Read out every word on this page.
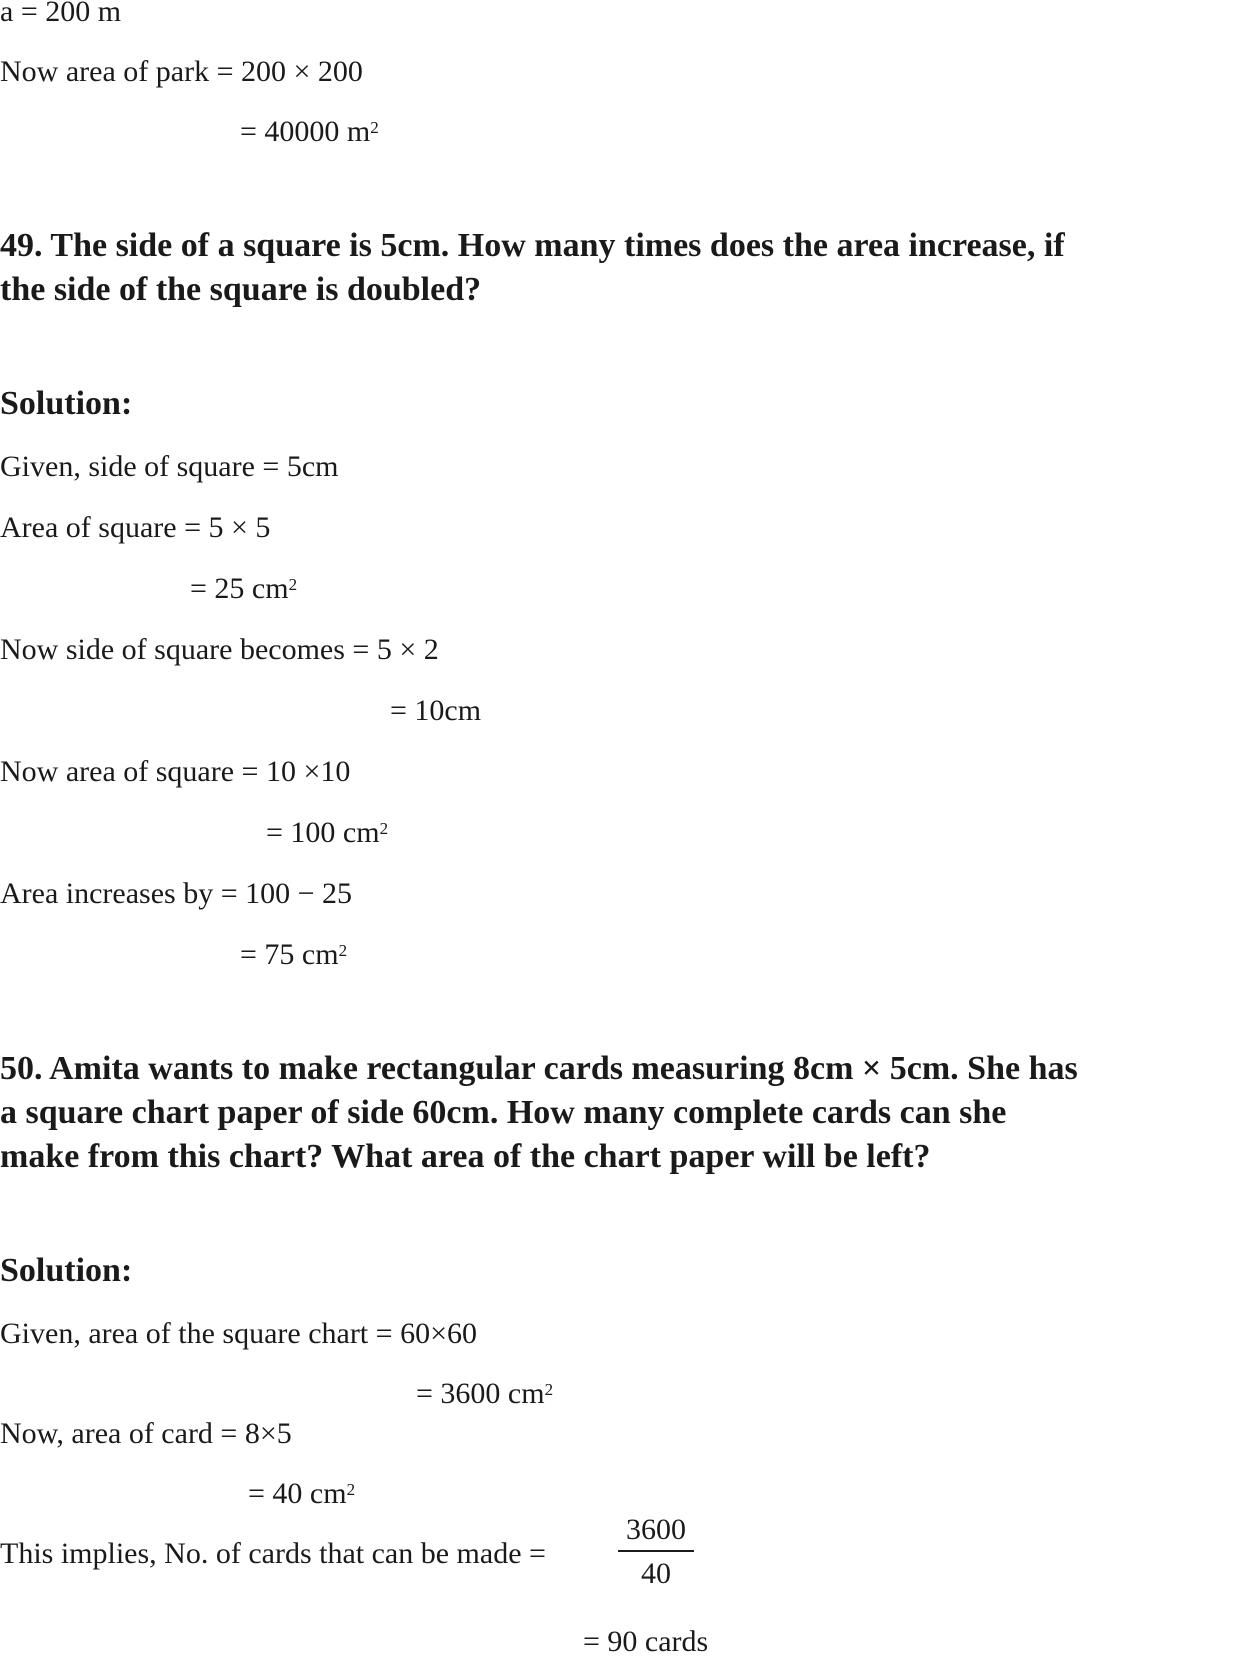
a = 200 m
Now area of park = 200 × 200
= 40000 $m^2$
49. The side of a square is 5cm. How many times does the area increase, if
the side of the square is doubled?
Solution:
Given, side of square = 5cm
Area of square = 5 × 5
= 25 $cm^2$
Now side of square becomes = 5 × 2
= 10cm
Now area of square = 10 ×10
= 100 $cm^2$
Area increases by = 100 − 25
= 75 $cm^2$
50. Amita wants to make rectangular cards measuring 8cm × 5cm. She has
a square chart paper of side 60cm. How many complete cards can she
make from this chart? What area of the chart paper will be left?
Solution:
Given, area of the square chart = 60×60
= 3600 $cm^2$
Now, area of card = 8×5
= 40 $cm^2$
This implies, No. of cards that can be made =
3600
40
= 90 cards
